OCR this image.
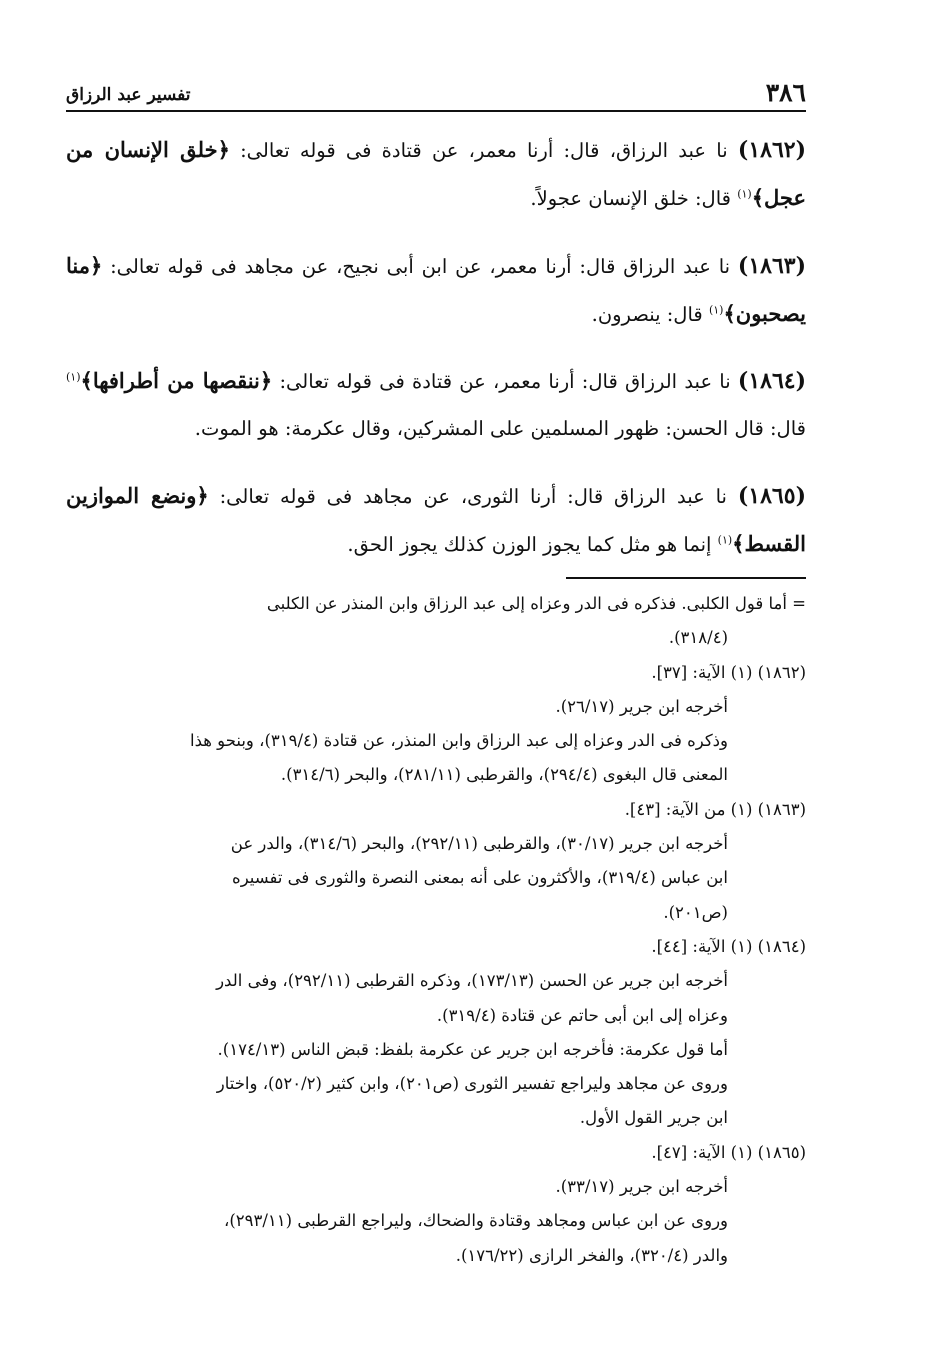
٣٨٦
تفسير عبد الرزاق

(١٨٦٢) نا عبد الرزاق، قال: أرنا معمر، عن قتادة فى قوله تعالى: ﴿خلق الإنسان من عجل﴾$^{(١)}$ قال: خلق الإنسان عجولاً.

(١٨٦٣) نا عبد الرزاق قال: أرنا معمر، عن ابن أبى نجيح، عن مجاهد فى قوله تعالى: ﴿منا يصحبون﴾$^{(١)}$ قال: ينصرون.

(١٨٦٤) نا عبد الرزاق قال: أرنا معمر، عن قتادة فى قوله تعالى: ﴿ننقصها من أطرافها﴾$^{(١)}$ قال: قال الحسن: ظهور المسلمين على المشركين، وقال عكرمة: هو الموت.

(١٨٦٥) نا عبد الرزاق قال: أرنا الثورى، عن مجاهد فى قوله تعالى: ﴿ونضع الموازين القسط﴾$^{(١)}$ إنما هو مثل كما يجوز الوزن كذلك يجوز الحق.

= أما قول الكلبى. فذكره فى الدر وعزاه إلى عبد الرزاق وابن المنذر عن الكلبى
(٣١٨/٤).
(١٨٦٢) (١) الآية: [٣٧].
أخرجه ابن جرير (٢٦/١٧).
وذكره فى الدر وعزاه إلى عبد الرزاق وابن المنذر، عن قتادة (٣١٩/٤)، وبنحو هذا
المعنى قال البغوى (٢٩٤/٤)، والقرطبى (٢٨١/١١)، والبحر (٣١٤/٦).
(١٨٦٣) (١) من الآية: [٤٣].
أخرجه ابن جرير (٣٠/١٧)، والقرطبى (٢٩٢/١١)، والبحر (٣١٤/٦)، والدر عن
ابن عباس (٣١٩/٤)، والأكثرون على أنه بمعنى النصرة والثورى فى تفسيره
(ص٢٠١).
(١٨٦٤) (١) الآية: [٤٤].
أخرجه ابن جرير عن الحسن (١٧٣/١٣)، وذكره القرطبى (٢٩٢/١١)، وفى الدر
وعزاه إلى ابن أبى حاتم عن قتادة (٣١٩/٤).
أما قول عكرمة: فأخرجه ابن جرير عن عكرمة بلفظ: قبض الناس (١٧٤/١٣).
وروى عن مجاهد وليراجع تفسير الثورى (ص٢٠١)، وابن كثير (٥٢٠/٢)، واختار
ابن جرير القول الأول.
(١٨٦٥) (١) الآية: [٤٧].
أخرجه ابن جرير (٣٣/١٧).
وروى عن ابن عباس ومجاهد وقتادة والضحاك، وليراجع القرطبى (٢٩٣/١١)،
والدر (٣٢٠/٤)، والفخر الرازى (١٧٦/٢٢).
